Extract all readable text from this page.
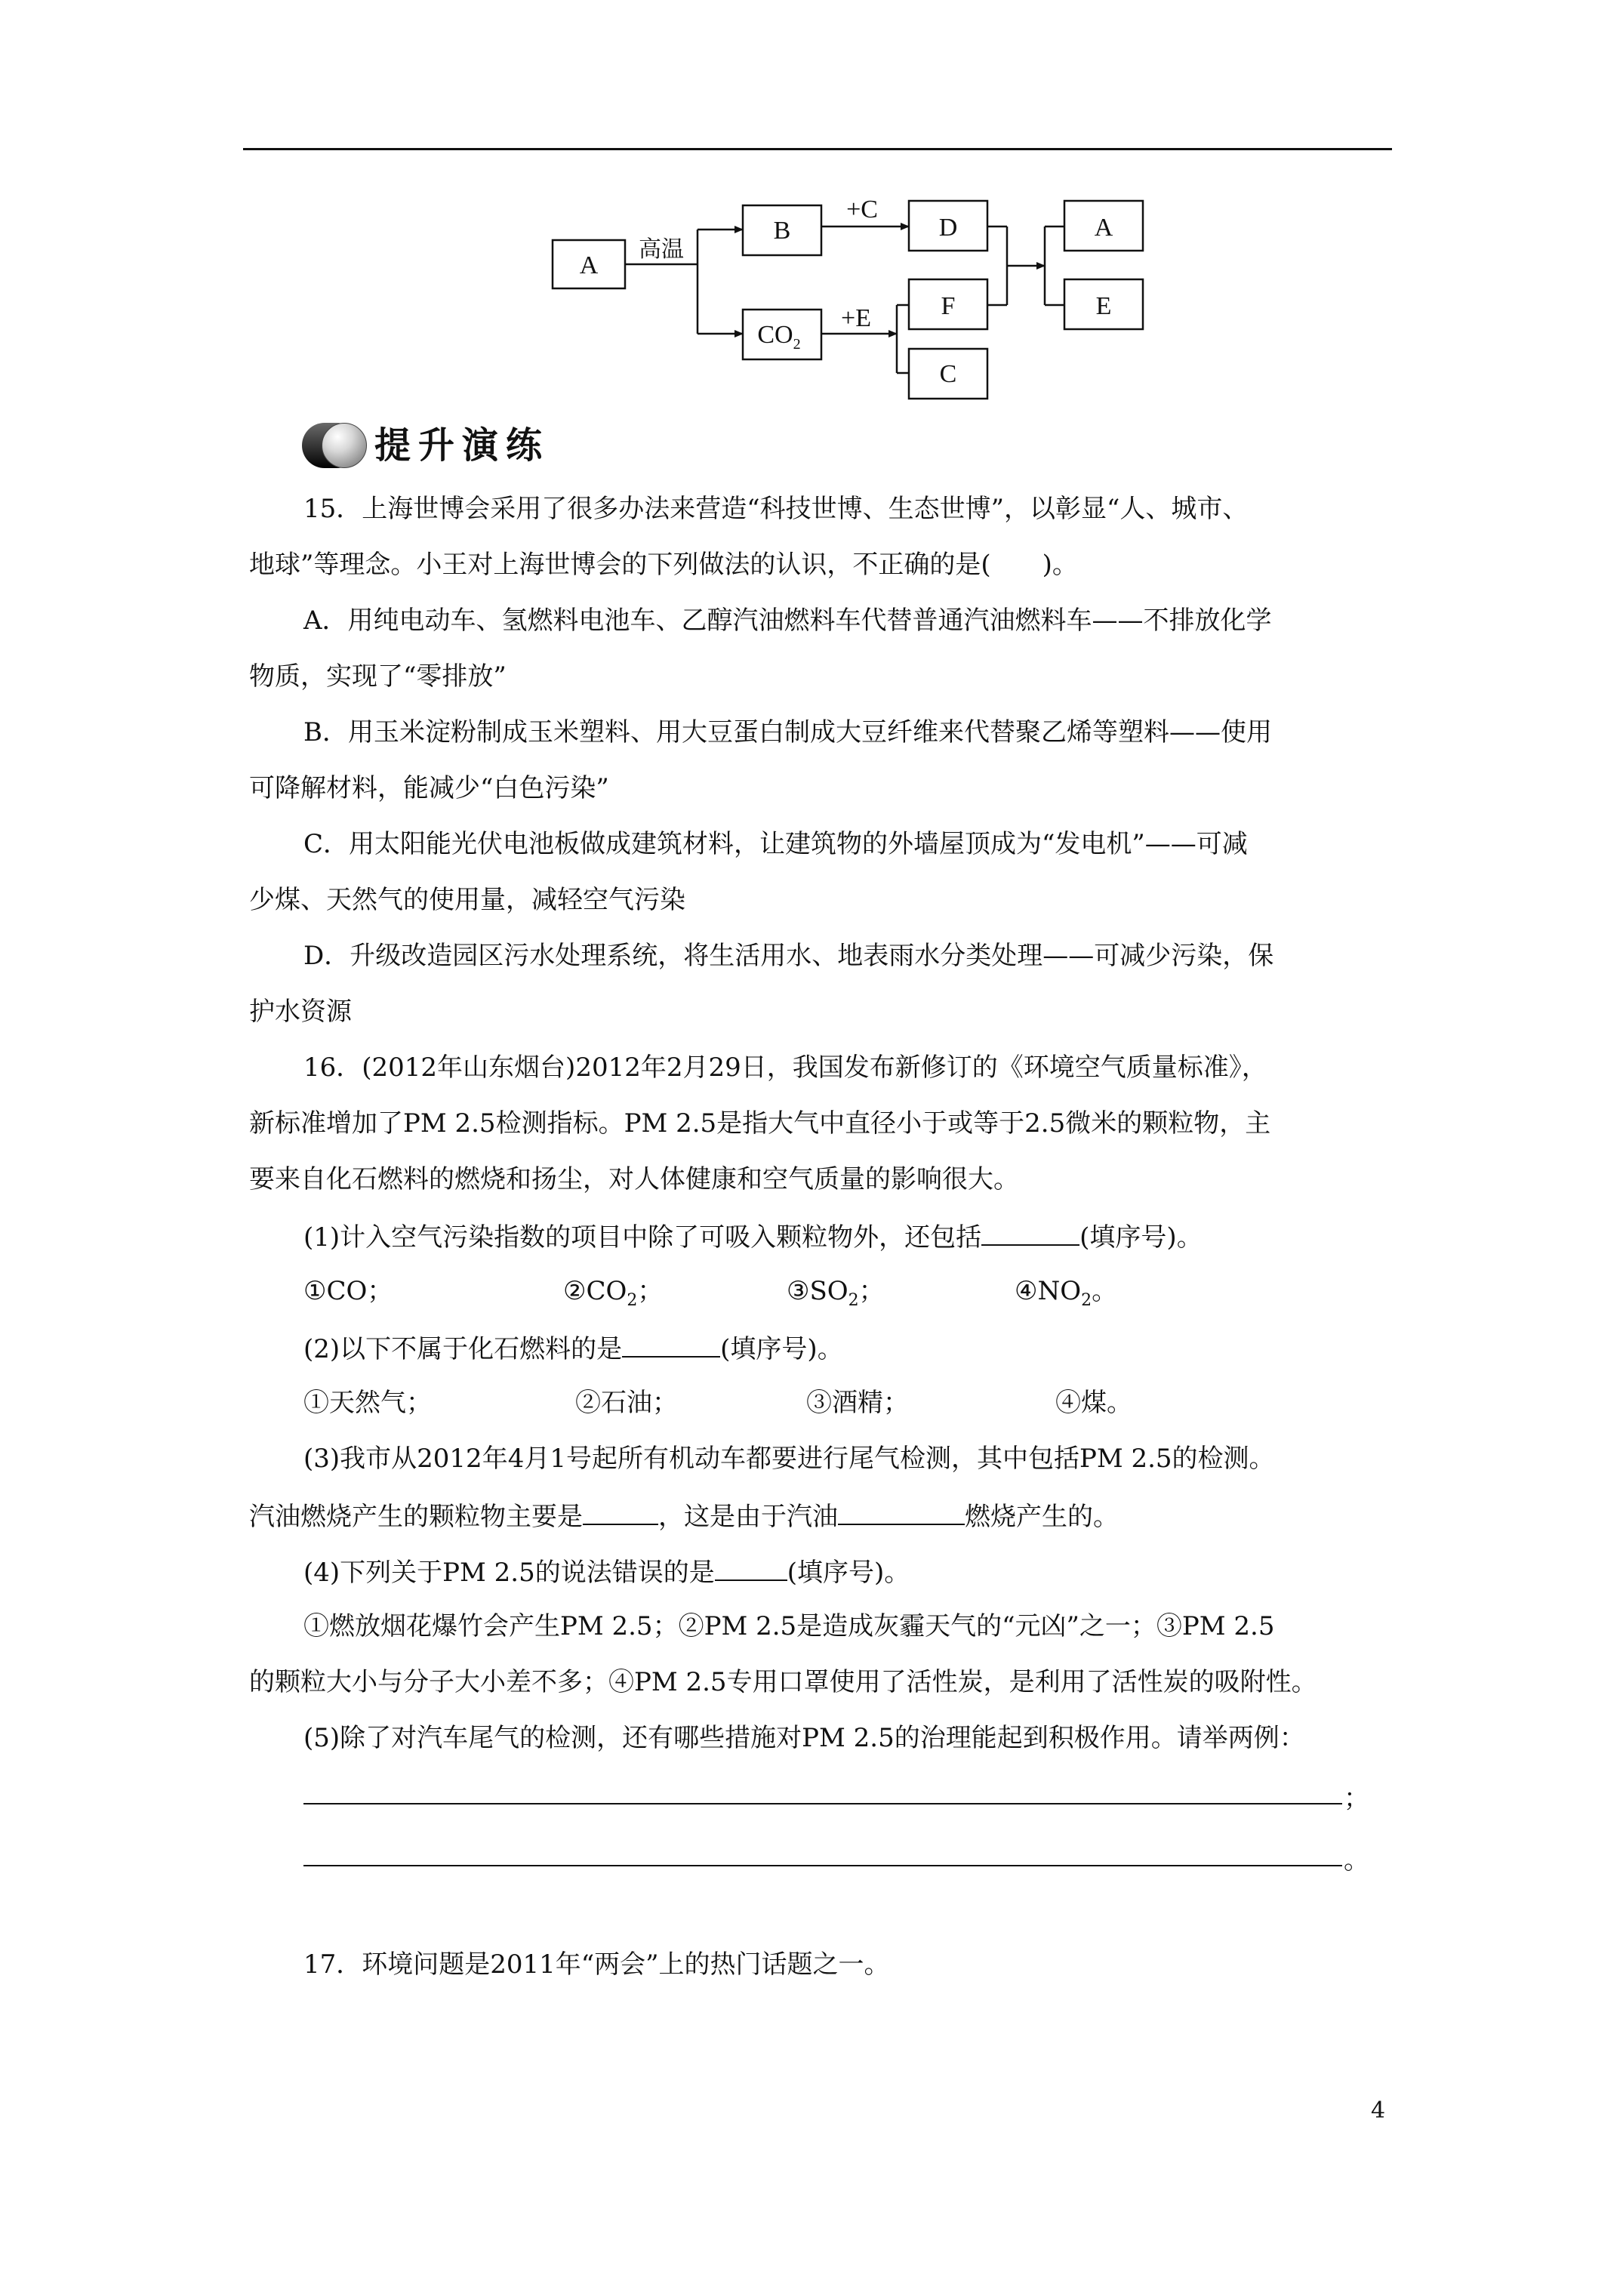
A
高温
B
+C
D
$CO_2$
+E	F
C
A
E
提升演练
15．上海世博会采用了很多办法来营造“科技世博、生态世博”，以彰显“人、城市、
地球”等理念。小王对上海世博会的下列做法的认识，不正确的是(　　)。
A．用纯电动车、氢燃料电池车、乙醇汽油燃料车代替普通汽油燃料车——不排放化学
物质，实现了“零排放”
B．用玉米淀粉制成玉米塑料、用大豆蛋白制成大豆纤维来代替聚乙烯等塑料——使用
可降解材料，能减少“白色污染”
C．用太阳能光伏电池板做成建筑材料，让建筑物的外墙屋顶成为“发电机”——可减
少煤、天然气的使用量，减轻空气污染
D．升级改造园区污水处理系统，将生活用水、地表雨水分类处理——可减少污染，保
护水资源
16．(2012年山东烟台)2012年2月29日，我国发布新修订的《环境空气质量标准》，
新标准增加了PM 2.5检测指标。PM 2.5是指大气中直径小于或等于2.5微米的颗粒物，主
要来自化石燃料的燃烧和扬尘，对人体健康和空气质量的影响很大。
(1)计入空气污染指数的项目中除了可吸入颗粒物外，还包括	(填序号)。
①CO；	$②CO_2$；	$③SO_2$；	$④NO_2$。
(2)以下不属于化石燃料的是	(填序号)。
①天然气；	②石油；	③酒精；	④煤。
(3)我市从2012年4月1号起所有机动车都要进行尾气检测，其中包括PM 2.5的检测。
汽油燃烧产生的颗粒物主要是	，这是由于汽油	燃烧产生的。
(4)下列关于PM 2.5的说法错误的是	(填序号)。
①燃放烟花爆竹会产生PM 2.5；②PM 2.5是造成灰霾天气的“元凶”之一；③PM 2.5
的颗粒大小与分子大小差不多；④PM 2.5专用口罩使用了活性炭，是利用了活性炭的吸附性。
(5)除了对汽车尾气的检测，还有哪些措施对PM 2.5的治理能起到积极作用。请举两例：
；
。
17．环境问题是2011年“两会”上的热门话题之一。
4
